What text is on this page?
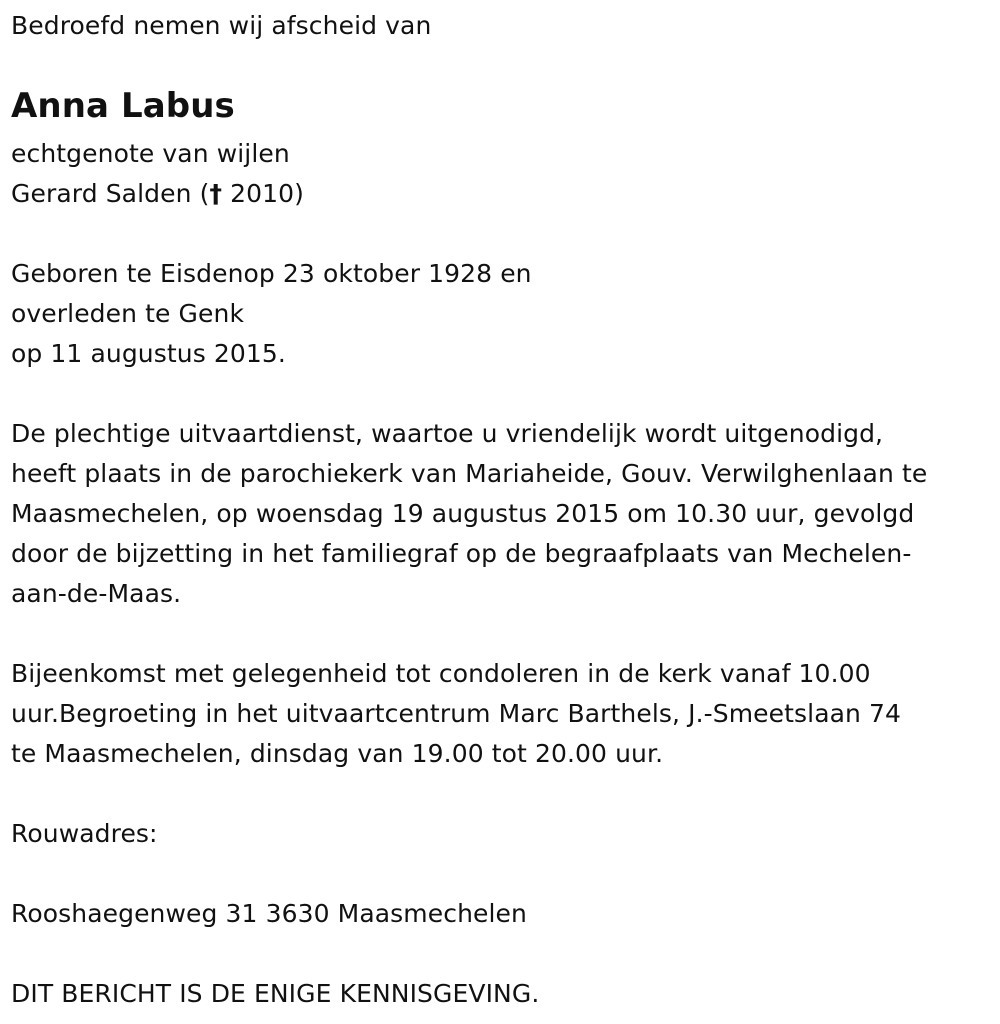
Bedroefd nemen wij afscheid van
Anna Labus
echtgenote van wijlen
Gerard Salden († 2010)
Geboren te Eisdenop 23 oktober 1928 en
overleden te Genk
op 11 augustus 2015.
De plechtige uitvaartdienst, waartoe u vriendelijk wordt uitgenodigd,
heeft plaats in de parochiekerk van Mariaheide, Gouv. Verwilghenlaan te
Maasmechelen, op woensdag 19 augustus 2015 om 10.30 uur, gevolgd
door de bijzetting in het familiegraf op de begraafplaats van Mechelen-
aan-de-Maas.
Bijeenkomst met gelegenheid tot condoleren in de kerk vanaf 10.00
uur.Begroeting in het uitvaartcentrum Marc Barthels, J.-Smeetslaan 74
te Maasmechelen, dinsdag van 19.00 tot 20.00 uur.
Rouwadres:
Rooshaegenweg 31 3630 Maasmechelen
DIT BERICHT IS DE ENIGE KENNISGEVING.
